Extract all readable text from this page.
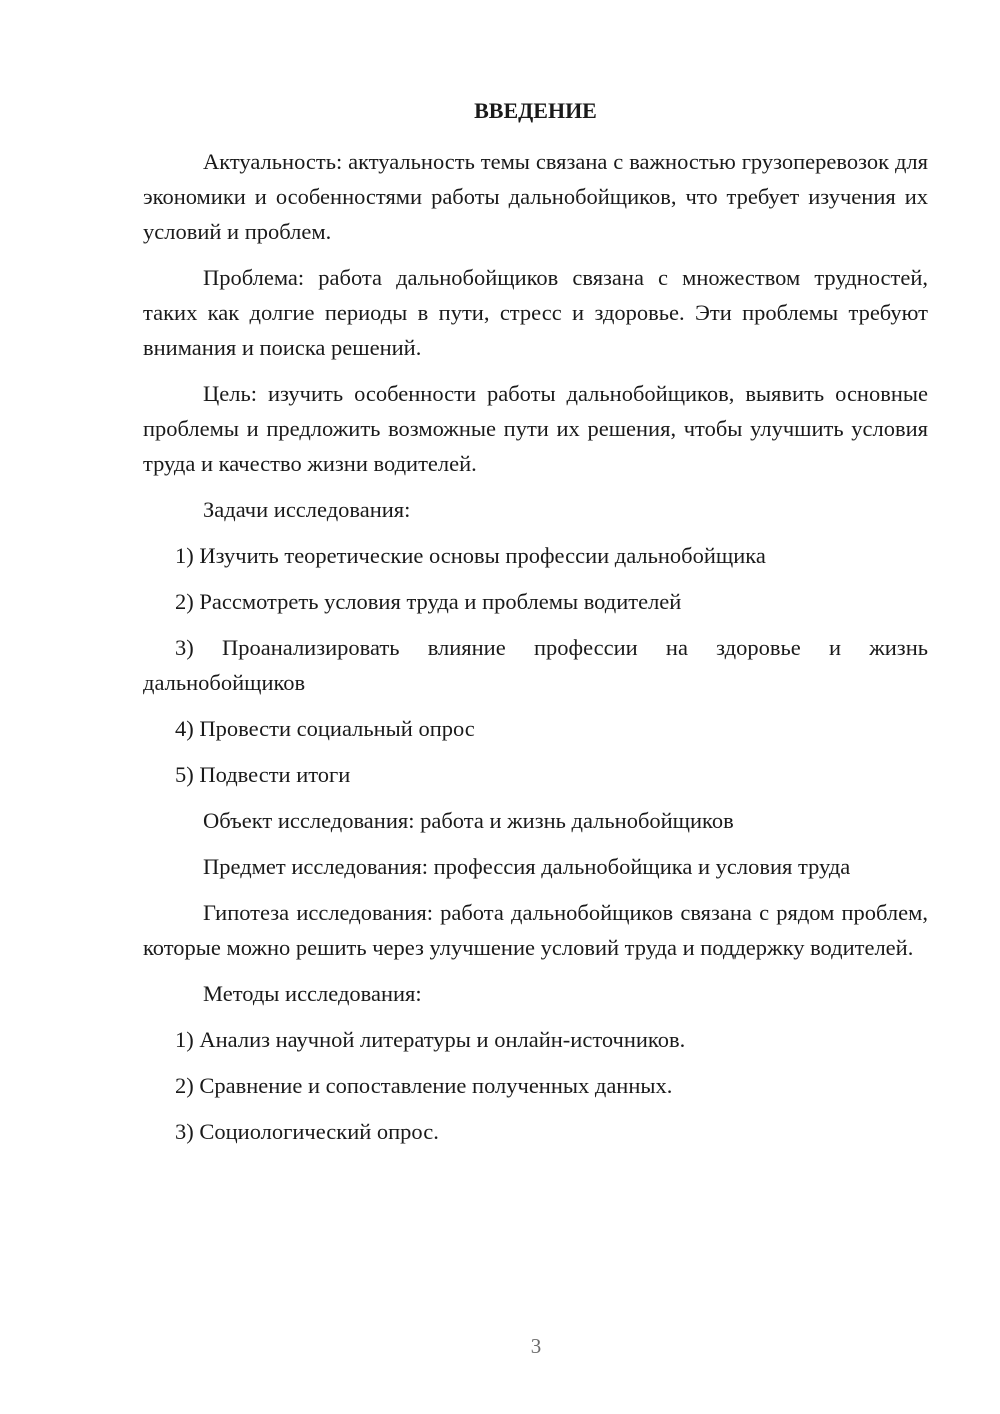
ВВЕДЕНИЕ

Актуальность: актуальность темы связана с важностью грузоперевозок для экономики и особенностями работы дальнобойщиков, что требует изучения их условий и проблем.

Проблема: работа дальнобойщиков связана с множеством трудностей, таких как долгие периоды в пути, стресс и здоровье. Эти проблемы требуют внимания и поиска решений.

Цель: изучить особенности работы дальнобойщиков, выявить основные проблемы и предложить возможные пути их решения, чтобы улучшить условия труда и качество жизни водителей.

Задачи исследования:

1) Изучить теоретические основы профессии дальнобойщика

2) Рассмотреть условия труда и проблемы водителей

3) Проанализировать влияние профессии на здоровье и жизнь дальнобойщиков

4) Провести социальный опрос

5) Подвести итоги

Объект исследования: работа и жизнь дальнобойщиков

Предмет исследования: профессия дальнобойщика и условия труда

Гипотеза исследования: работа дальнобойщиков связана с рядом проблем, которые можно решить через улучшение условий труда и поддержку водителей.

Методы исследования:

1) Анализ научной литературы и онлайн-источников.

2) Сравнение и сопоставление полученных данных.

3) Социологический опрос.

3
